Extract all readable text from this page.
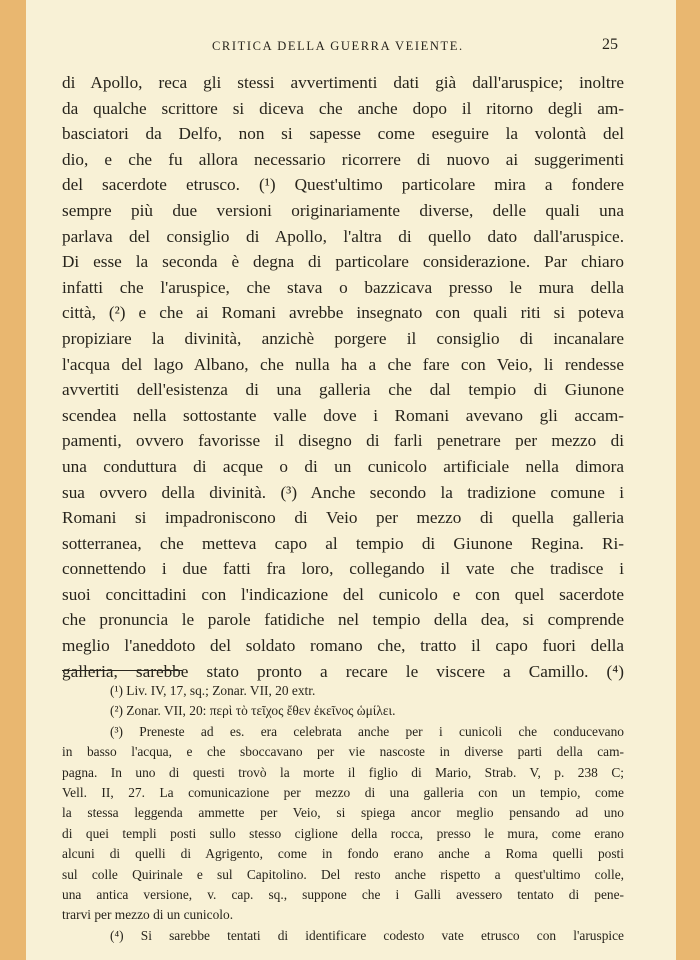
CRITICA DELLA GUERRA VEIENTE.	25
di Apollo, reca gli stessi avvertimenti dati già dall'aruspice; inoltre
da qualche scrittore si diceva che anche dopo il ritorno degli am-
basciatori da Delfo, non si sapesse come eseguire la volontà del
dio, e che fu allora necessario ricorrere di nuovo ai suggerimenti
del sacerdote etrusco. (¹) Quest'ultimo particolare mira a fondere
sempre più due versioni originariamente diverse, delle quali una
parlava del consiglio di Apollo, l'altra di quello dato dall'aruspice.
Di esse la seconda è degna di particolare considerazione. Par chiaro
infatti che l'aruspice, che stava o bazzicava presso le mura della
città, (²) e che ai Romani avrebbe insegnato con quali riti si poteva
propiziare la divinità, anzichè porgere il consiglio di incanalare
l'acqua del lago Albano, che nulla ha a che fare con Veio, li rendesse
avvertiti dell'esistenza di una galleria che dal tempio di Giunone
scendea nella sottostante valle dove i Romani avevano gli accam-
pamenti, ovvero favorisse il disegno di farli penetrare per mezzo di
una conduttura di acque o di un cunicolo artificiale nella dimora
sua ovvero della divinità. (³) Anche secondo la tradizione comune i
Romani si impadroniscono di Veio per mezzo di quella galleria
sotterranea, che metteva capo al tempio di Giunone Regina. Ri-
connettendo i due fatti fra loro, collegando il vate che tradisce i
suoi concittadini con l'indicazione del cunicolo e con quel sacerdote
che pronuncia le parole fatidiche nel tempio della dea, si comprende
meglio l'aneddoto del soldato romano che, tratto il capo fuori della
galleria, sarebbe stato pronto a recare le viscere a Camillo. (⁴)
(¹) Liv. IV, 17, sq.; Zonar. VII, 20 extr.
(²) Zonar. VII, 20: περὶ τὸ τεῖχος ἔθεν ἐκεῖνος ὡμίλει.
(³) Preneste ad es. era celebrata anche per i cunicoli che conducevano
in basso l'acqua, e che sboccavano per vie nascoste in diverse parti della cam-
pagna. In uno di questi trovò la morte il figlio di Mario, Strab. V, p. 238 C;
Vell. II, 27. La comunicazione per mezzo di una galleria con un tempio, come
la stessa leggenda ammette per Veio, si spiega ancor meglio pensando ad uno
di quei templi posti sullo stesso ciglione della rocca, presso le mura, come erano
alcuni di quelli di Agrigento, come in fondo erano anche a Roma quelli posti
sul colle Quirinale e sul Capitolino. Del resto anche rispetto a quest'ultimo colle,
una antica versione, v. cap. sq., suppone che i Galli avessero tentato di pene-
trarvi per mezzo di un cunicolo.
(⁴) Si sarebbe tentati di identificare codesto vate etrusco con l'aruspice
